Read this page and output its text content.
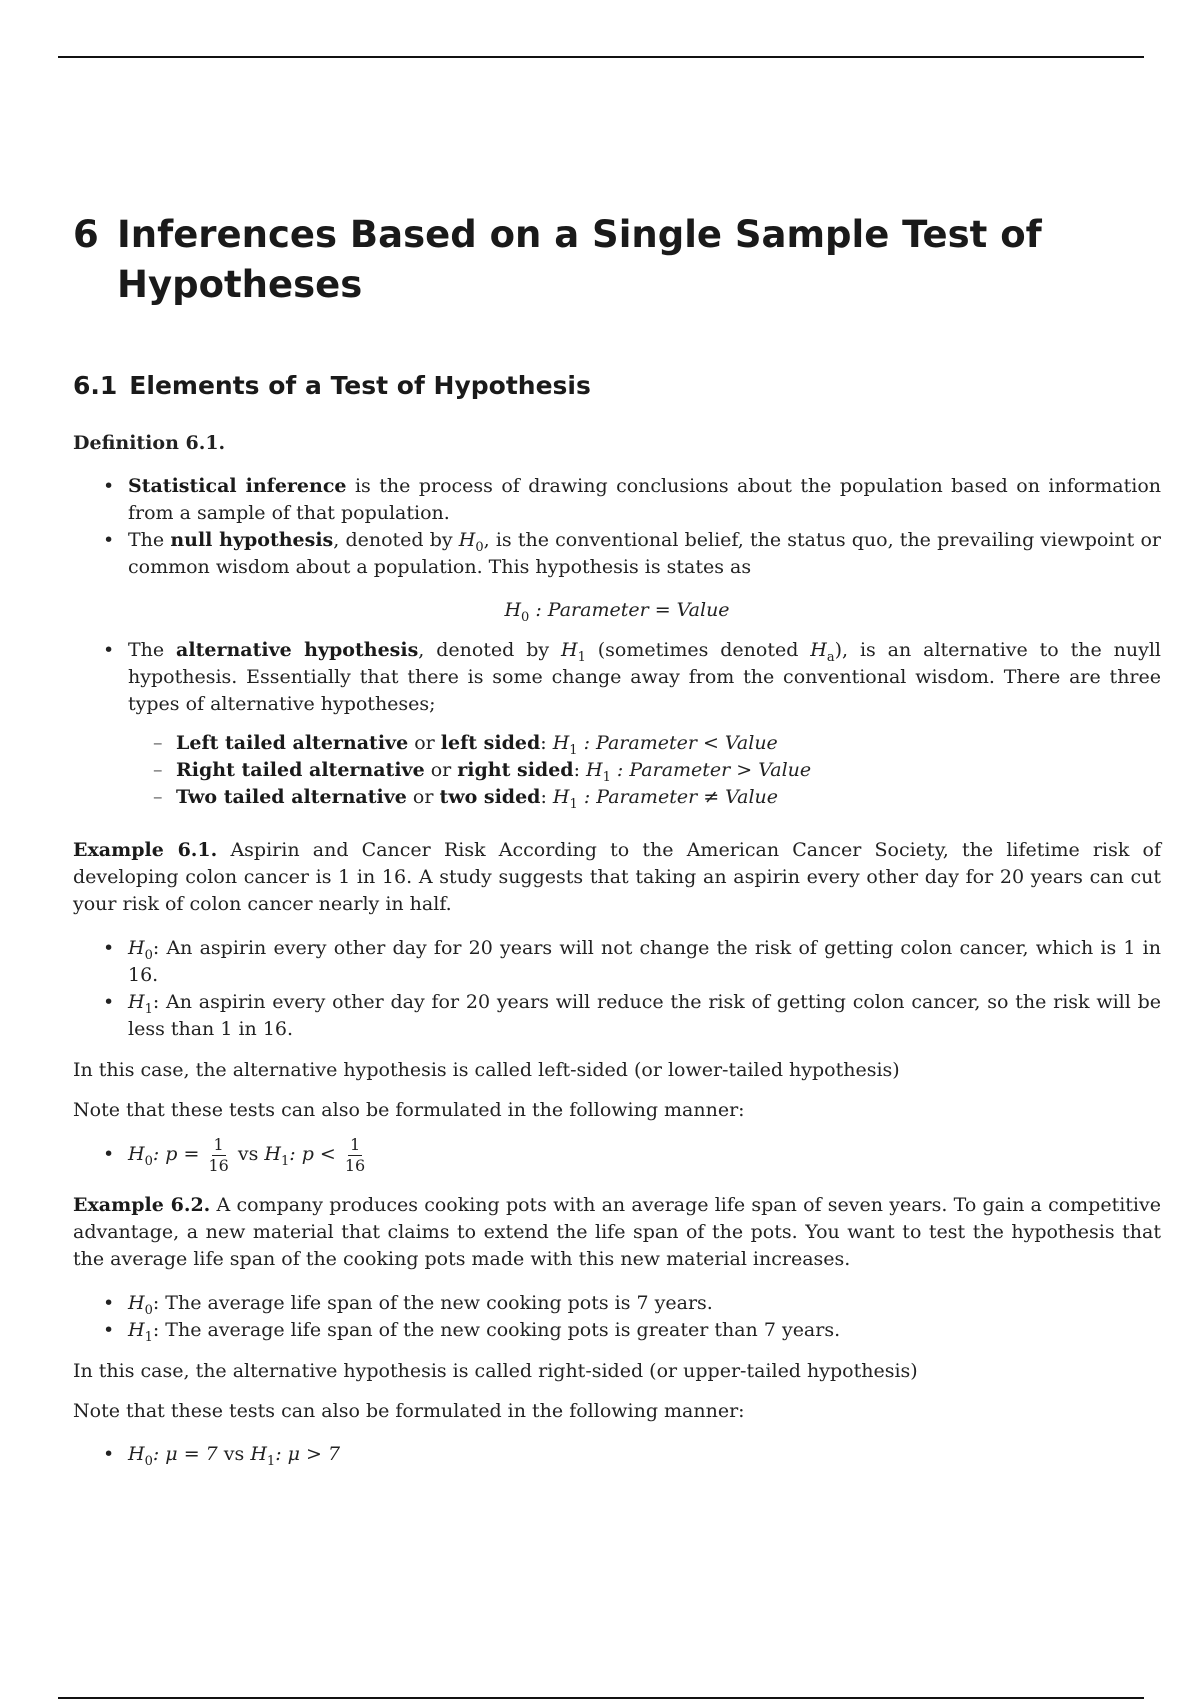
6 Inferences Based on a Single Sample Test of Hypotheses
6.1 Elements of a Test of Hypothesis

Definition 6.1.

• Statistical inference is the process of drawing conclusions about the population based on information from a sample of that population.
• The null hypothesis, denoted by $H_0$, is the conventional belief, the status quo, the prevailing viewpoint or common wisdom about a population. This hypothesis is states as
$H_0$ : Parameter = Value
• The alternative hypothesis, denoted by $H_1$ (sometimes denoted $H_a$), is an alternative to the nuyll hypothesis. Essentially that there is some change away from the conventional wisdom. There are three types of alternative hypotheses;
– Left tailed alternative or left sided: $H_1$ : Parameter < Value
– Right tailed alternative or right sided: $H_1$ : Parameter > Value
– Two tailed alternative or two sided: $H_1$ : Parameter ≠ Value

Example 6.1. Aspirin and Cancer Risk According to the American Cancer Society, the lifetime risk of developing colon cancer is 1 in 16. A study suggests that taking an aspirin every other day for 20 years can cut your risk of colon cancer nearly in half.

• $H_0$: An aspirin every other day for 20 years will not change the risk of getting colon cancer, which is 1 in 16.
• $H_1$: An aspirin every other day for 20 years will reduce the risk of getting colon cancer, so the risk will be less than 1 in 16.

In this case, the alternative hypothesis is called left-sided (or lower-tailed hypothesis)

Note that these tests can also be formulated in the following manner:

• $H_0$: $p = \frac{1}{16}$ vs $H_1$: $p < \frac{1}{16}$

Example 6.2. A company produces cooking pots with an average life span of seven years. To gain a competitive advantage, a new material that claims to extend the life span of the pots. You want to test the hypothesis that the average life span of the cooking pots made with this new material increases.

• $H_0$: The average life span of the new cooking pots is 7 years.
• $H_1$: The average life span of the new cooking pots is greater than 7 years.

In this case, the alternative hypothesis is called right-sided (or upper-tailed hypothesis)

Note that these tests can also be formulated in the following manner:

• $H_0$: μ = 7 vs $H_1$: μ > 7
